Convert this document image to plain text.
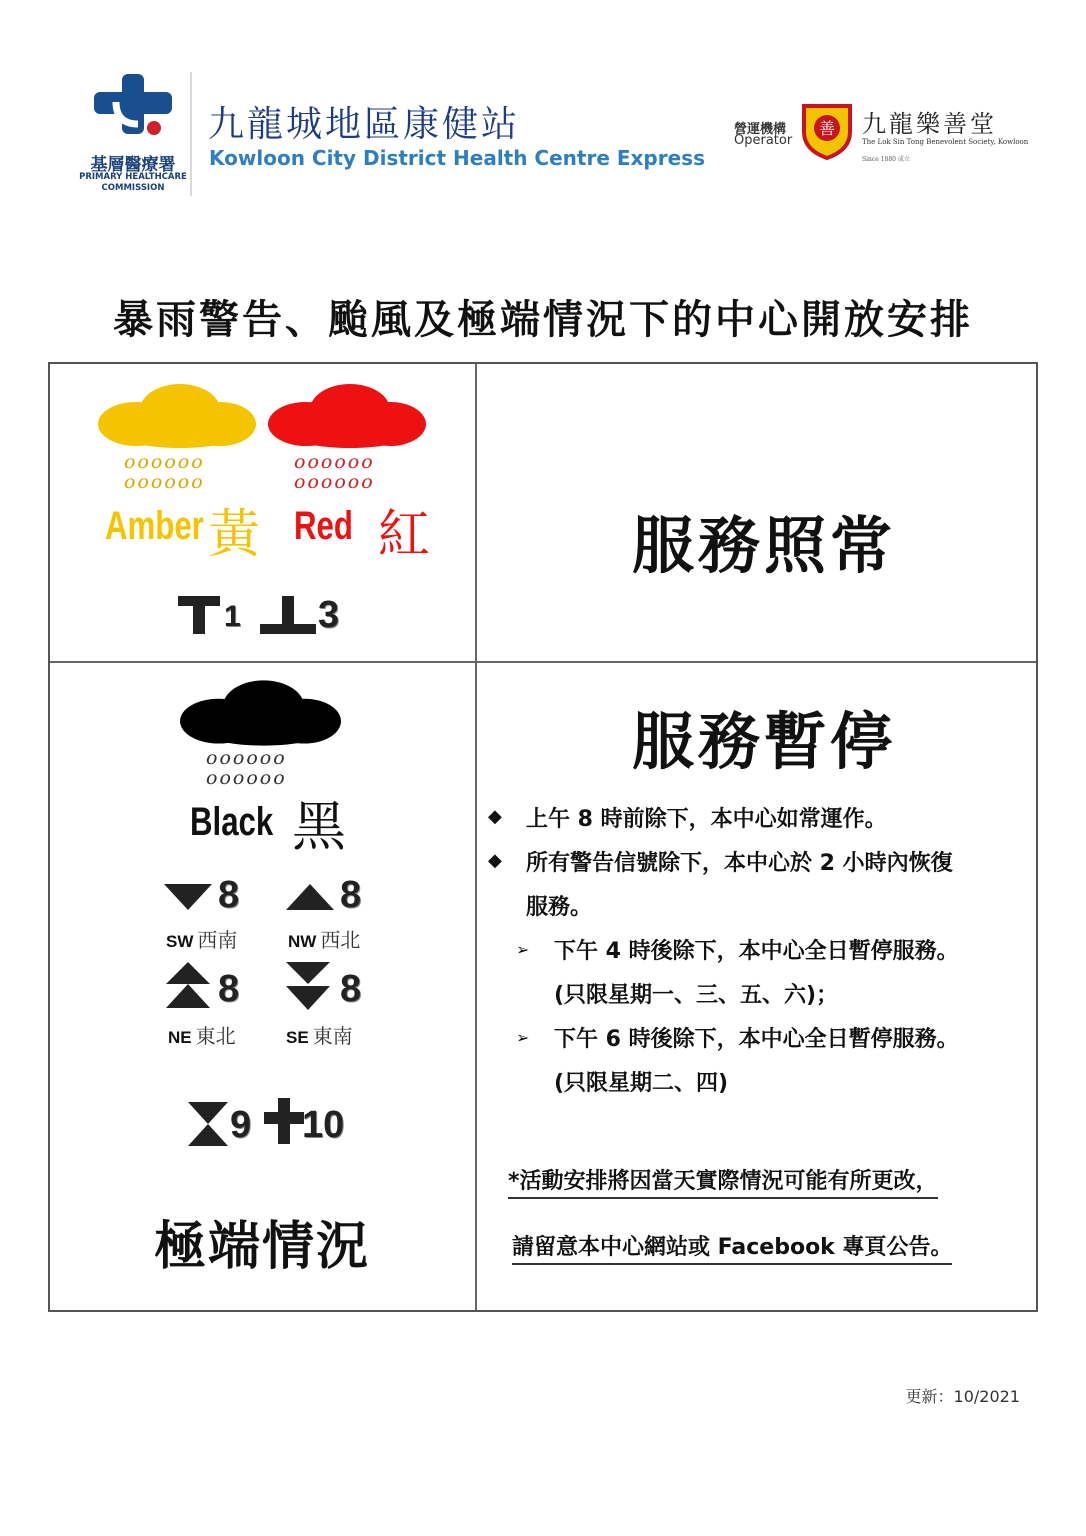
基層醫療署
PRIMARY HEALTHCARE
COMMISSION
九龍城地區康健站
Kowloon City District Health Centre Express
營運機構
Operator
善 九龍樂善堂
The Lok Sin Tong Benevolent Society, Kowloon
Since 1880 成立
暴雨警告、颱風及極端情況下的中心開放安排
oooooo
oooooo
oooooo
oooooo
Amber 黃 Red 紅
1 3
服務照常
oooooo
oooooo
Black 黑
8
SW 西南
8
NW 西北
8
NE 東北
8
SE 東南
9 10
極端情況
服務暫停
◆ 上午 8 時前除下，本中心如常運作。
◆ 所有警告信號除下，本中心於 2 小時內恢復
服務。
➢ 下午 4 時後除下，本中心全日暫停服務。
(只限星期一、三、五、六)；
➢ 下午 6 時後除下，本中心全日暫停服務。
(只限星期二、四)
*活動安排將因當天實際情況可能有所更改，
請留意本中心網站或 Facebook 專頁公告。
更新：10/2021
